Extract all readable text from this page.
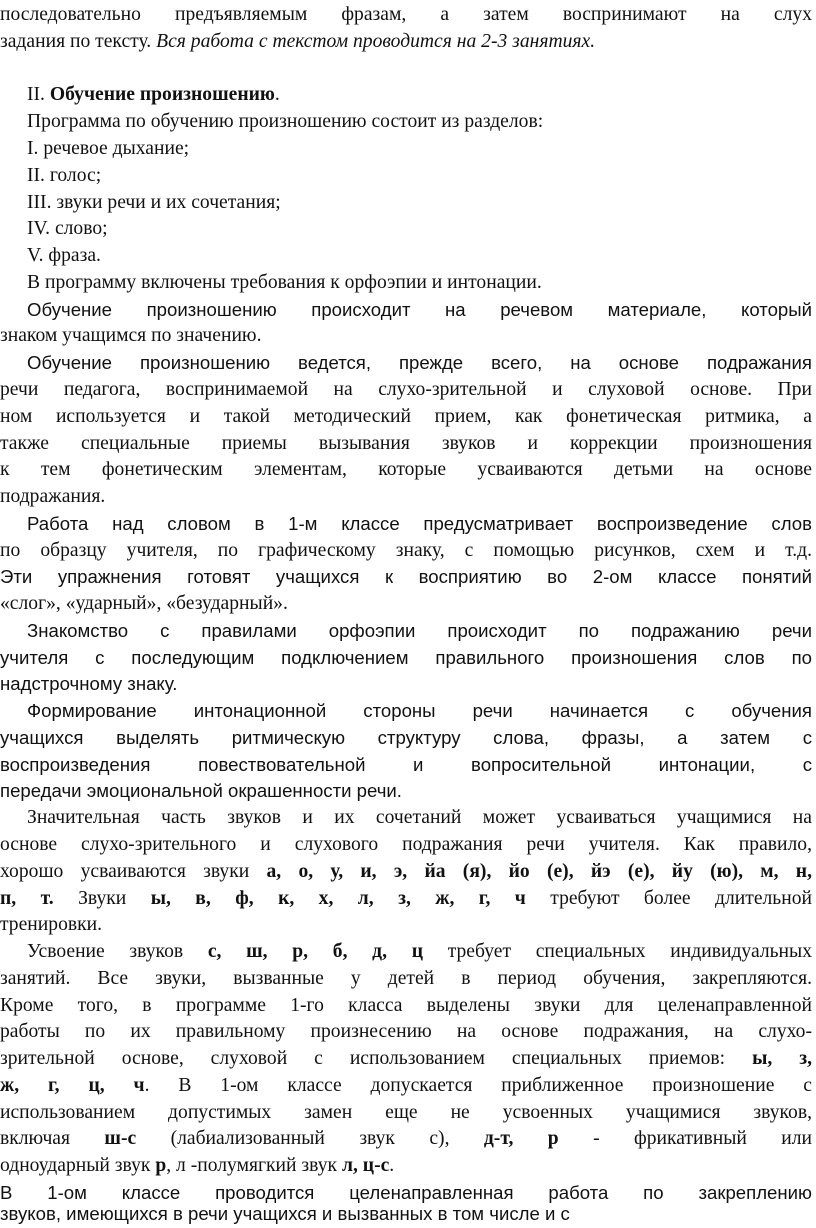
последовательно предъявляемым фразам, а затем воспринимают на слух

задания по тексту. Вся работа с текстом проводится на 2-3 занятиях.

II. Обучение произношению.

Программа по обучению произношению состоит из разделов:

I. речевое дыхание;

II. голос;

III. звуки речи и их сочетания;

IV. слово;

V. фраза.

В программу включены требования к орфоэпии и интонации.

Обучение произношению происходит на речевом материале, который

знаком учащимся по значению.

Обучение произношению ведется, прежде всего, на основе подражания

речи педагога, воспринимаемой на слухо-зрительной и слуховой основе. При

ном используется и такой методический прием, как фонетическая ритмика, а

также специальные приемы вызывания звуков и коррекции произношения

к тем фонетическим элементам, которые усваиваются детьми на основе

подражания.

Работа над словом в 1-м классе предусматривает воспроизведение слов

по образцу учителя, по графическому знаку, с помощью рисунков, схем и т.д.

Эти упражнения готовят учащихся к восприятию во 2-ом классе понятий

«слог», «ударный», «безударный».

Знакомство с правилами орфоэпии происходит по подражанию речи

учителя с последующим подключением правильного произношения слов по

надстрочному знаку.

Формирование интонационной стороны речи начинается с обучения

учащихся выделять ритмическую структуру слова, фразы, а затем с

воспроизведения повествовательной и вопросительной интонации, с

передачи эмоциональной окрашенности речи.

Значительная часть звуков и их сочетаний может усваиваться учащимися на

основе слухо-зрительного и слухового подражания речи учителя. Как правило,

хорошо усваиваются звуки а, о, у, и, э, йа (я), йо (е), йэ (е), йу (ю), м, н,

п, т. Звуки ы, в, ф, к, х, л, з, ж, г, ч требуют более длительной

тренировки.

Усвоение звуков с, ш, р, б, д, ц требует специальных индивидуальных

занятий. Все звуки, вызванные у детей в период обучения, закрепляются.

Кроме того, в программе 1-го класса выделены звуки для целенаправленной

работы по их правильному произнесению на основе подражания, на слухо-

зрительной основе, слуховой с использованием специальных приемов: ы, з,

ж, г, ц, ч. В 1-ом классе допускается приближенное произношение с

использованием допустимых замен еще не усвоенных учащимися звуков,

включая ш-с (лабиализованный звук с), д-т, р - фрикативный или

одноударный звук р, л -полумягкий звук л, ц-с.

В 1-ом классе проводится целенаправленная работа по закреплению

звуков, имеющихся в речи учащихся и вызванных в том числе и с
